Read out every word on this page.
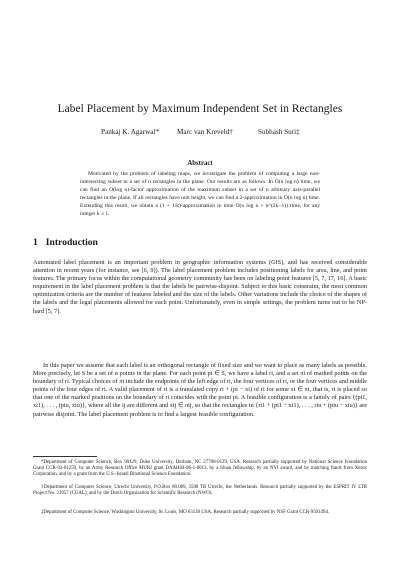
Label Placement by Maximum Independent Set in Rectangles
Pankaj K. Agarwal* Marc van Kreveld†	Subhash Suri‡
Abstract
Motivated by the problem of labeling maps, we investigate the problem of computing a large non-intersecting subset in a set of n rectangles in the plane. Our results are as follows. In O(n log n) time, we can find an O(log n)-factor approximation of the maximum subset in a set of n arbitrary axis-parallel rectangles in the plane. If all rectangles have unit height, we can find a 2-approximation in O(n log n) time. Extending this result, we obtain a (1 + 1/k)-approximation in time O(n log n + n^(2k−1)) time, for any integer k ≥ 1.
1 Introduction
Automated label placement is an important problem in geographic information systems (GIS), and has received considerable attention in recent years (for instance, see [6, 9]). The label placement problem includes positioning labels for area, line, and point features. The primary focus within the computational geometry community has been on labeling point features [5, 7, 17, 16]. A basic requirement in the label placement problem is that the labels be pairwise-disjoint. Subject to this basic constraint, the most common optimization criteria are the number of features labeled and the size of the labels. Other variations include the choice of the shapes of the labels and the legal placements allowed for each point. Unfortunately, even in simple settings, the problem turns out to be NP-hard [5, 7].
In this paper we assume that each label is an orthogonal rectangle of fixed size and we want to place as many labels as possible. More precisely, let S be a set of n points in the plane. For each point pi ∈ S, we have a label ri, and a set πi of marked points on the boundary of ri. Typical choices of πi include the endpoints of the left edge of ri, the four vertices of ri, or the four vertices and middle points of the four edges of ri. A valid placement of ri is a translated copy ri + (pi − xi) of ri for some xi ∈ πi, that is, ri is placed so that one of the marked positions on the boundary of ri coincides with the point pi. A feasible configuration is a family of pairs {(pi1, xi1), . . . , (piu, xiu)}, where all the ij are different and xij ∈ πij, so that the rectangles in {ri1 + (pi1 − xi1), . . . , riu + (piu − xiu)} are pairwise disjoint. The label placement problem is to find a largest feasible configuration.
*Department of Computer Science, Box 90129, Duke University, Durham, NC 27708-0129, USA. Research partially supported by National Science Foundation Grant CCR-93-01259, by an Army Research Office MURI grant DAAH04-96-1-0013, by a Sloan fellowship, by an NYI award, and by matching funds from Xerox Corporation, and by a grant from the U.S.-Israeli Binational Science Foundation.
†Department of Computer Science, Utrecht University, P.O.Box 80.089, 3508 TB Utrecht, the Netherlands. Research partially supported by the ESPRIT IV LTR Project No. 21957 (CGAL), and by the Dutch Organization for Scientific Research (NWO).
‡Department of Computer Science, Washington University, St. Louis, MO 63130 USA. Research partially supported by NSF Grant CCR-9501494.
